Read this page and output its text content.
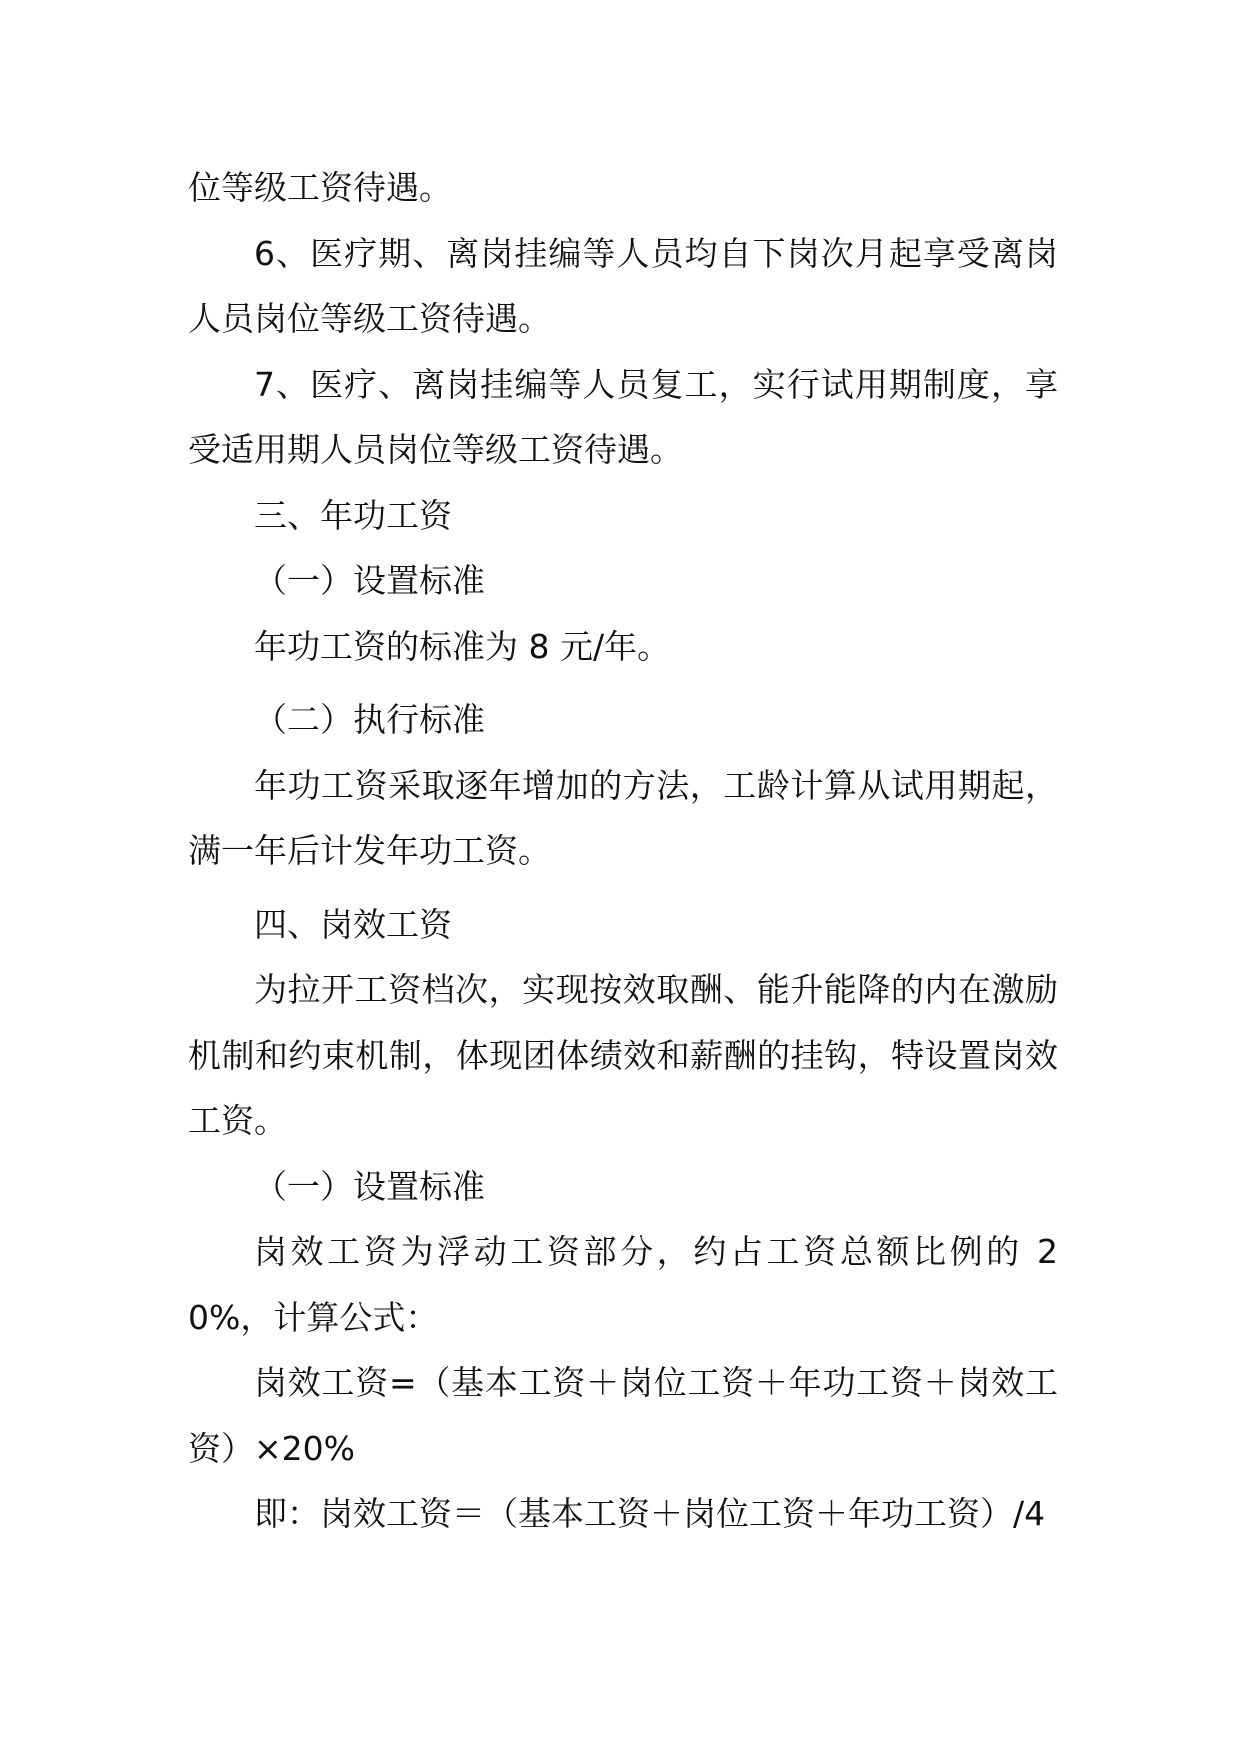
位等级工资待遇。

6、医疗期、离岗挂编等人员均自下岗次月起享受离岗人员岗位等级工资待遇。

7、医疗、离岗挂编等人员复工，实行试用期制度，享受适用期人员岗位等级工资待遇。

三、年功工资

（一）设置标准

年功工资的标准为 8 元/年。

（二）执行标准

年功工资采取逐年增加的方法，工龄计算从试用期起，满一年后计发年功工资。

四、岗效工资

为拉开工资档次，实现按效取酬、能升能降的内在激励机制和约束机制，体现团体绩效和薪酬的挂钩，特设置岗效工资。

（一）设置标准

岗效工资为浮动工资部分，约占工资总额比例的 20%，计算公式：

岗效工资=（基本工资＋岗位工资＋年功工资＋岗效工资）×20%

即：岗效工资＝（基本工资＋岗位工资＋年功工资）/4
